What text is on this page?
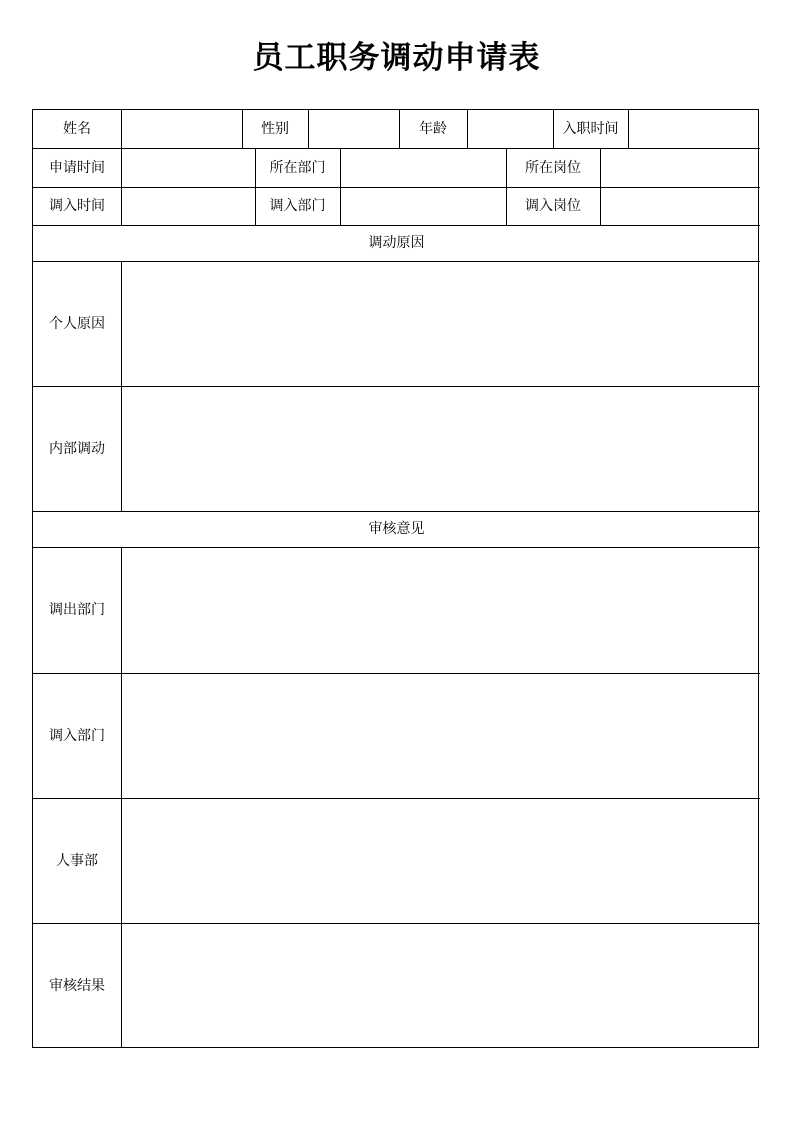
员工职务调动申请表
姓名	性别	年龄	入职时间
申请时间	所在部门	所在岗位
调入时间	调入部门	调入岗位
调动原因
个人原因
内部调动
审核意见
调出部门
调入部门
人事部
审核结果
